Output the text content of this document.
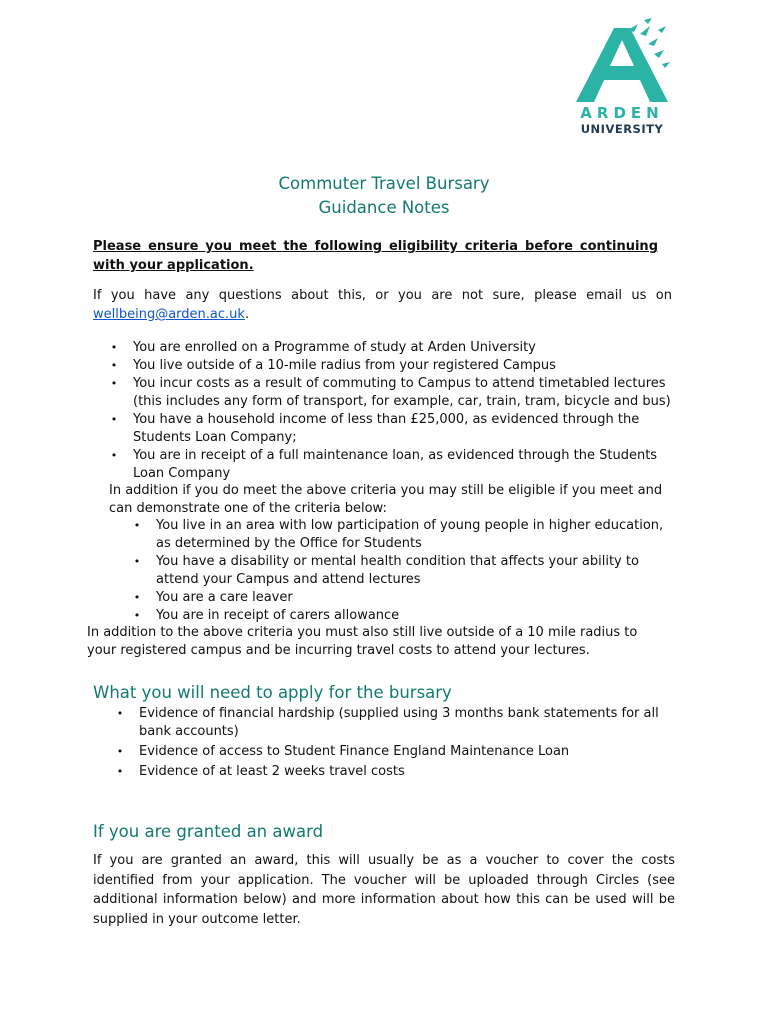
ARDEN

UNIVERSITY

Commuter Travel Bursary
Guidance Notes

Please ensure you meet the following eligibility criteria before continuing with your application.

If you have any questions about this, or you are not sure, please email us on wellbeing@arden.ac.uk.

• You are enrolled on a Programme of study at Arden University
• You live outside of a 10-mile radius from your registered Campus
• You incur costs as a result of commuting to Campus to attend timetabled lectures (this includes any form of transport, for example, car, train, tram, bicycle and bus)
• You have a household income of less than £25,000, as evidenced through the Students Loan Company;
• You are in receipt of a full maintenance loan, as evidenced through the Students Loan Company

In addition if you do meet the above criteria you may still be eligible if you meet and can demonstrate one of the criteria below:

• You live in an area with low participation of young people in higher education, as determined by the Office for Students
• You have a disability or mental health condition that affects your ability to attend your Campus and attend lectures
• You are a care leaver
• You are in receipt of carers allowance

In addition to the above criteria you must also still live outside of a 10 mile radius to your registered campus and be incurring travel costs to attend your lectures.

What you will need to apply for the bursary
• Evidence of financial hardship (supplied using 3 months bank statements for all bank accounts)
• Evidence of access to Student Finance England Maintenance Loan
• Evidence of at least 2 weeks travel costs
If you are granted an award

If you are granted an award, this will usually be as a voucher to cover the costs identified from your application. The voucher will be uploaded through Circles (see additional information below) and more information about how this can be used will be supplied in your outcome letter.
